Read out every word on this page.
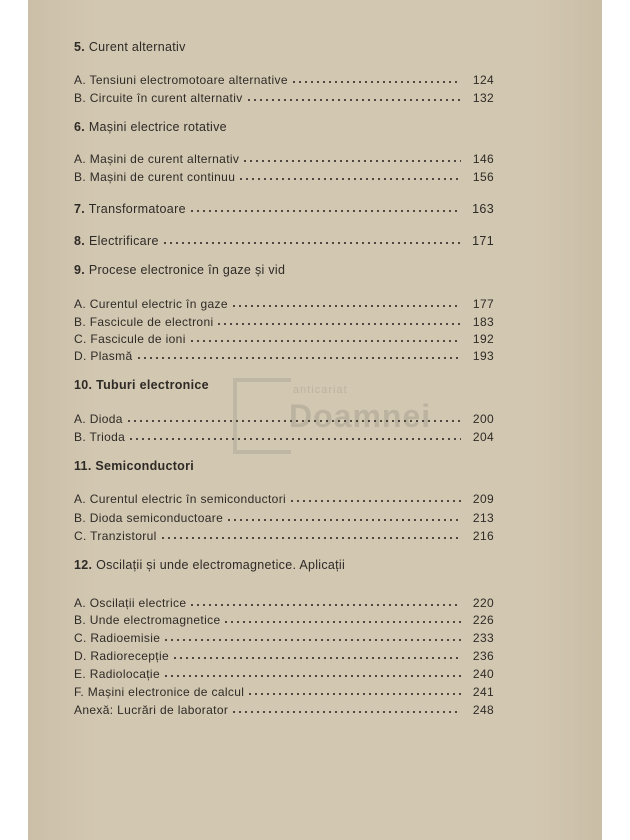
anticariat
5. Curent alternativ
A. Tensiuni electromotoare alternative	124
B. Circuite în curent alternativ	132
6. Mașini electrice rotative
A. Mașini de curent alternativ	146
B. Mașini de curent continuu	156
7. Transformatoare	163
8. Electrificare	171
9. Procese electronice în gaze și vid
A. Curentul electric în gaze	177
B. Fascicule de electroni	183
C. Fascicule de ioni	192
D. Plasmă	193
10. Tuburi electronice
A. Dioda	200
B. Trioda	204
11. Semiconductori
A. Curentul electric în semiconductori	209
B. Dioda semiconductoare	213
C. Tranzistorul	216
12. Oscilații și unde electromagnetice. Aplicații
A. Oscilații electrice	220
B. Unde electromagnetice	226
C. Radioemisie	233
D. Radiorecepție	236
E. Radiolocație	240
F. Mașini electronice de calcul	241
Anexă: Lucrări de laborator	248
